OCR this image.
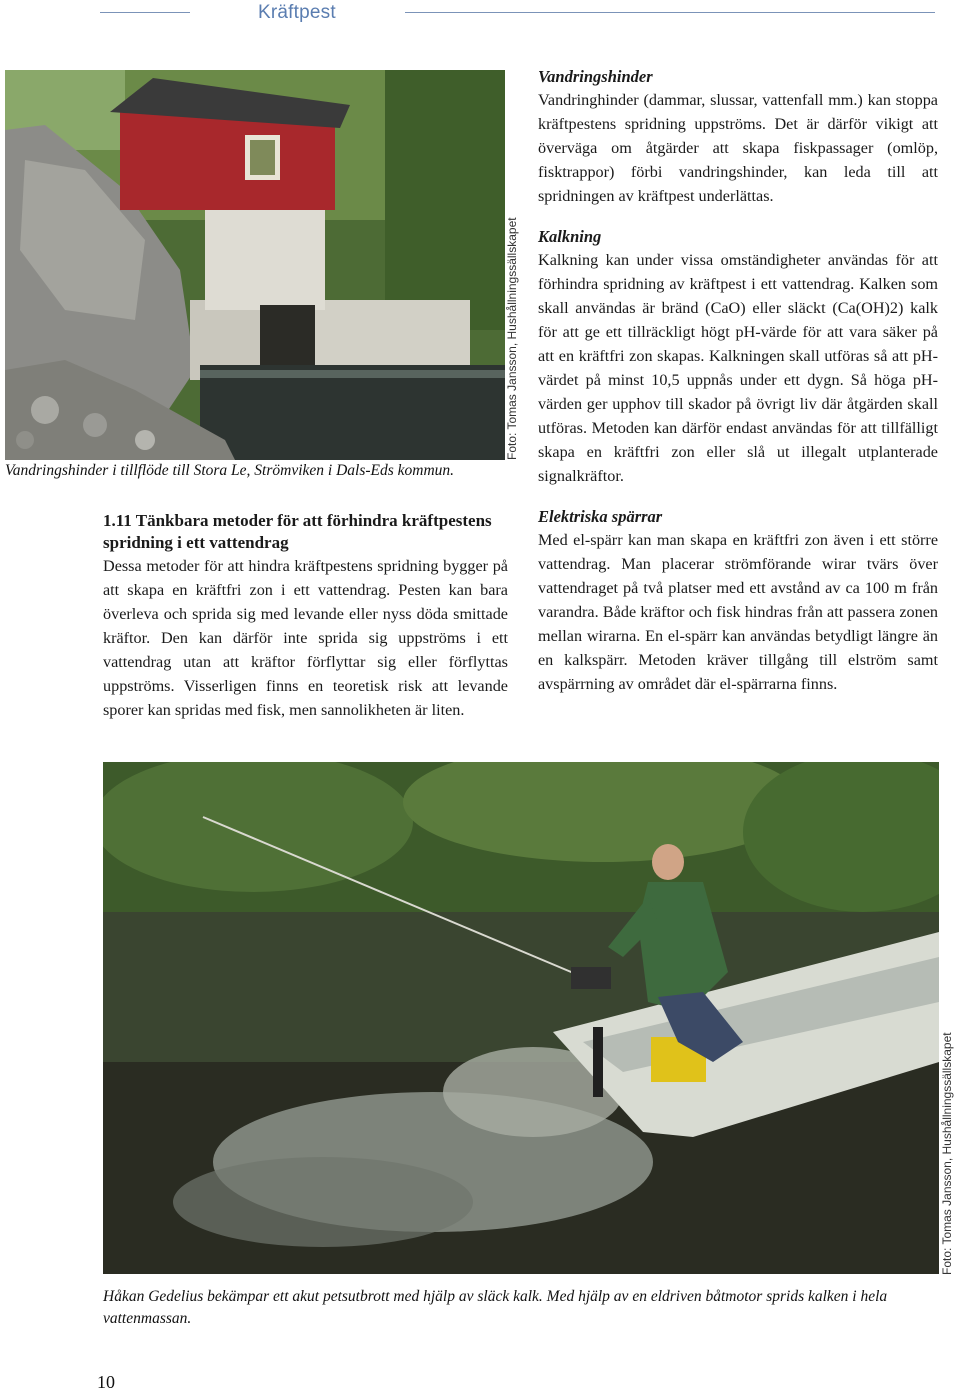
Kräftpest
Foto: Tomas Jansson, Hushållningssällskapet
Vandringshinder i tillflöde till Stora Le, Strömviken i Dals-Eds kommun.
1.11 Tänkbara metoder för att förhindra kräftpestens spridning i ett vattendrag
Dessa metoder för att hindra kräftpestens spridning bygger på att skapa en kräftfri zon i ett vattendrag. Pesten kan bara överleva och sprida sig med levande eller nyss döda smittade kräftor. Den kan därför inte sprida sig uppströms i ett vattendrag utan att kräftor förflyttar sig eller förflyttas uppströms. Visserligen finns en teoretisk risk att levande sporer kan spridas med fisk, men sannolikheten är liten.
Vandringshinder
Vandringhinder (dammar, slussar, vattenfall mm.) kan stoppa kräftpestens spridning uppströms. Det är därför vikigt att överväga om åtgärder att skapa fiskpassager (omlöp, fisktrappor) förbi vandringshinder, kan leda till att spridningen av kräftpest underlättas.
Kalkning
Kalkning kan under vissa omständigheter användas för att förhindra spridning av kräftpest i ett vattendrag. Kalken som skall användas är bränd (CaO) eller släckt (Ca(OH)2) kalk för att ge ett tillräckligt högt pH-värde för att vara säker på att en kräftfri zon skapas. Kalkningen skall utföras så att pH-värdet på minst 10,5 uppnås under ett dygn. Så höga pH-värden ger upphov till skador på övrigt liv där åtgärden skall utföras. Metoden kan därför endast användas för att tillfälligt skapa en kräftfri zon eller slå ut illegalt utplanterade signalkräftor.
Elektriska spärrar
Med el-spärr kan man skapa en kräftfri zon även i ett större vattendrag. Man placerar strömförande wirar tvärs över vattendraget på två platser med ett avstånd av ca 100 m från varandra. Både kräftor och fisk hindras från att passera zonen mellan wirarna. En el-spärr kan användas betydligt längre än en kalkspärr. Metoden kräver tillgång till elström samt avspärrning av området där el-spärrarna finns.
Foto: Tomas Jansson, Hushållningssällskapet
Håkan Gedelius bekämpar ett akut petsutbrott med hjälp av släck kalk. Med hjälp av en eldriven båtmotor sprids kalken i hela vattenmassan.
10
